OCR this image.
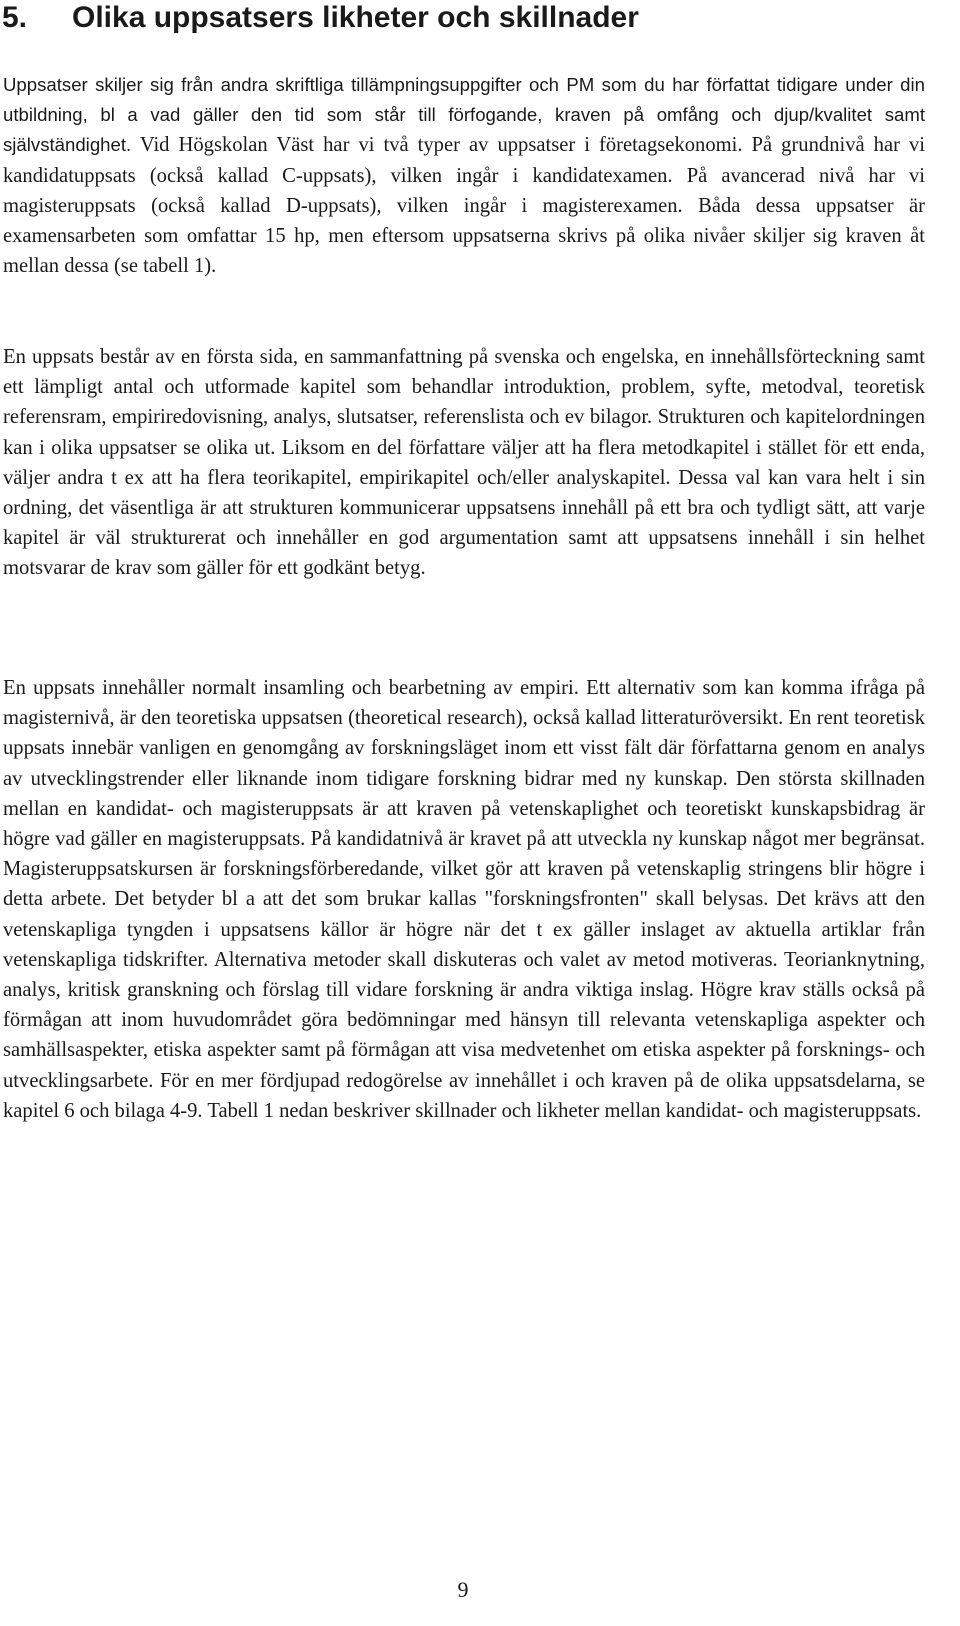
5. Olika uppsatsers likheter och skillnader

Uppsatser skiljer sig från andra skriftliga tillämpningsuppgifter och PM som du har författat tidigare under din utbildning, bl a vad gäller den tid som står till förfogande, kraven på omfång och djup/kvalitet samt självständighet. Vid Högskolan Väst har vi två typer av uppsatser i företagsekonomi. På grundnivå har vi kandidatuppsats (också kallad C-uppsats), vilken ingår i kandidatexamen. På avancerad nivå har vi magisteruppsats (också kallad D-uppsats), vilken ingår i magisterexamen. Båda dessa uppsatser är examensarbeten som omfattar 15 hp, men eftersom uppsatserna skrivs på olika nivåer skiljer sig kraven åt mellan dessa (se tabell 1).

En uppsats består av en första sida, en sammanfattning på svenska och engelska, en innehållsförteckning samt ett lämpligt antal och utformade kapitel som behandlar introduktion, problem, syfte, metodval, teoretisk referensram, empiriredovisning, analys, slutsatser, referenslista och ev bilagor. Strukturen och kapitelordningen kan i olika uppsatser se olika ut. Liksom en del författare väljer att ha flera metodkapitel i stället för ett enda, väljer andra t ex att ha flera teorikapitel, empirikapitel och/eller analyskapitel. Dessa val kan vara helt i sin ordning, det väsentliga är att strukturen kommunicerar uppsatsens innehåll på ett bra och tydligt sätt, att varje kapitel är väl strukturerat och innehåller en god argumentation samt att uppsatsens innehåll i sin helhet motsvarar de krav som gäller för ett godkänt betyg.

En uppsats innehåller normalt insamling och bearbetning av empiri. Ett alternativ som kan komma ifråga på magisternivå, är den teoretiska uppsatsen (theoretical research), också kallad litteraturöversikt. En rent teoretisk uppsats innebär vanligen en genomgång av forskningsläget inom ett visst fält där författarna genom en analys av utvecklingstrender eller liknande inom tidigare forskning bidrar med ny kunskap. Den största skillnaden mellan en kandidat- och magisteruppsats är att kraven på vetenskaplighet och teoretiskt kunskapsbidrag är högre vad gäller en magisteruppsats. På kandidatnivå är kravet på att utveckla ny kunskap något mer begränsat. Magisteruppsatskursen är forskningsförberedande, vilket gör att kraven på vetenskaplig stringens blir högre i detta arbete. Det betyder bl a att det som brukar kallas "forskningsfronten" skall belysas. Det krävs att den vetenskapliga tyngden i uppsatsens källor är högre när det t ex gäller inslaget av aktuella artiklar från vetenskapliga tidskrifter. Alternativa metoder skall diskuteras och valet av metod motiveras. Teorianknytning, analys, kritisk granskning och förslag till vidare forskning är andra viktiga inslag. Högre krav ställs också på förmågan att inom huvudområdet göra bedömningar med hänsyn till relevanta vetenskapliga aspekter och samhällsaspekter, etiska aspekter samt på förmågan att visa medvetenhet om etiska aspekter på forsknings- och utvecklingsarbete. För en mer fördjupad redogörelse av innehållet i och kraven på de olika uppsatsdelarna, se kapitel 6 och bilaga 4-9. Tabell 1 nedan beskriver skillnader och likheter mellan kandidat- och magisteruppsats.

9
